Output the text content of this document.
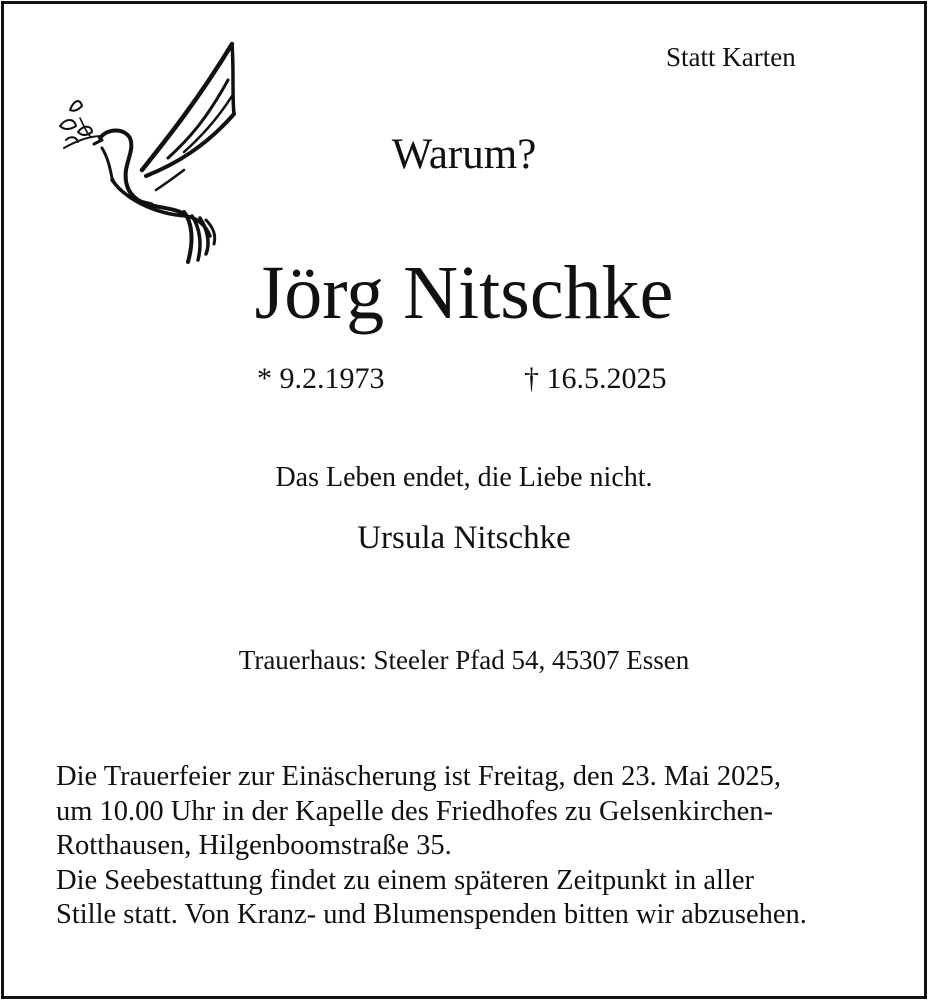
Statt Karten
Warum?
Jörg Nitschke
* 9.2.1973	† 16.5.2025
Das Leben endet, die Liebe nicht.
Ursula Nitschke
Trauerhaus: Steeler Pfad 54, 45307 Essen
Die Trauerfeier zur Einäscherung ist Freitag, den 23. Mai 2025,
um 10.00 Uhr in der Kapelle des Friedhofes zu Gelsenkirchen-
Rotthausen, Hilgenboomstraße 35.
Die Seebestattung findet zu einem späteren Zeitpunkt in aller
Stille statt. Von Kranz- und Blumenspenden bitten wir abzusehen.
